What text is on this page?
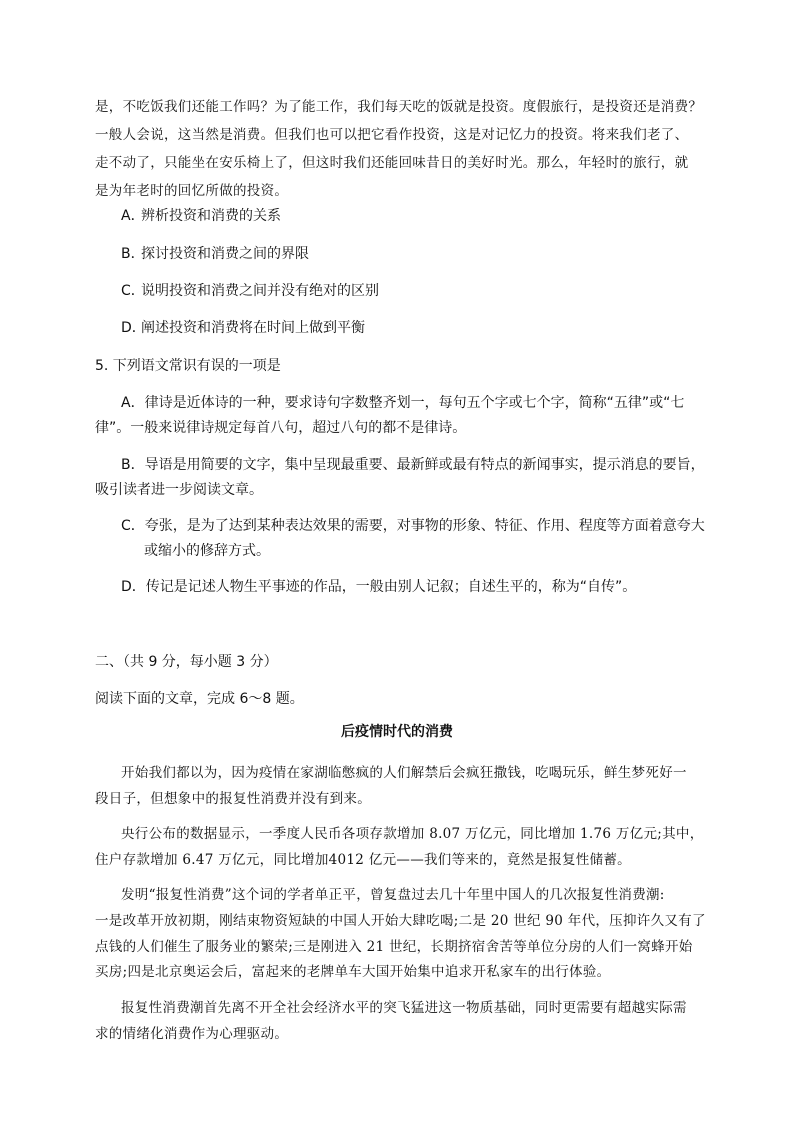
是，不吃饭我们还能工作吗？为了能工作，我们每天吃的饭就是投资。度假旅行，是投资还是消费？

一般人会说，这当然是消费。但我们也可以把它看作投资，这是对记忆力的投资。将来我们老了、

走不动了，只能坐在安乐椅上了，但这时我们还能回味昔日的美好时光。那么，年轻时的旅行，就

是为年老时的回忆所做的投资。

A．辨析投资和消费的关系

B．探讨投资和消费之间的界限

C．说明投资和消费之间并没有绝对的区别

D．阐述投资和消费将在时间上做到平衡

5. 下列语文常识有误的一项是

A．律诗是近体诗的一种，要求诗句字数整齐划一，每句五个字或七个字，简称“五律”或“七

律”。一般来说律诗规定每首八句，超过八句的都不是律诗。

B．导语是用简要的文字，集中呈现最重要、最新鲜或最有特点的新闻事实，提示消息的要旨，

吸引读者进一步阅读文章。

C．夸张，是为了达到某种表达效果的需要，对事物的形象、特征、作用、程度等方面着意夸大

或缩小的修辞方式。

D．传记是记述人物生平事迹的作品，一般由别人记叙；自述生平的，称为“自传”。

二、（共 9 分，每小题 3 分）

阅读下面的文章，完成 6～8 题。

后疫情时代的消费

开始我们都以为，因为疫情在家湖临憋疯的人们解禁后会疯狂撒钱，吃喝玩乐，鲜生梦死好一

段日子，但想象中的报复性消费并没有到来。

央行公布的数据显示，一季度人民币各项存款增加 8.07 万亿元，同比增加 1.76 万亿元;其中，

住户存款增加 6.47 万亿元，同比增加4012 亿元——我们等来的，竟然是报复性储蓄。

发明“报复性消费”这个词的学者单正平，曾复盘过去几十年里中国人的几次报复性消费潮:

一是改革开放初期，刚结束物资短缺的中国人开始大肆吃喝;二是 20 世纪 90 年代，压抑许久又有了

点钱的人们催生了服务业的繁荣;三是刚进入 21 世纪，长期挤宿舍苦等单位分房的人们一窝蜂开始

买房;四是北京奥运会后，富起来的老牌单车大国开始集中追求开私家车的出行体验。

报复性消费潮首先离不开全社会经济水平的突飞猛进这一物质基础，同时更需要有超越实际需

求的情绪化消费作为心理驱动。
